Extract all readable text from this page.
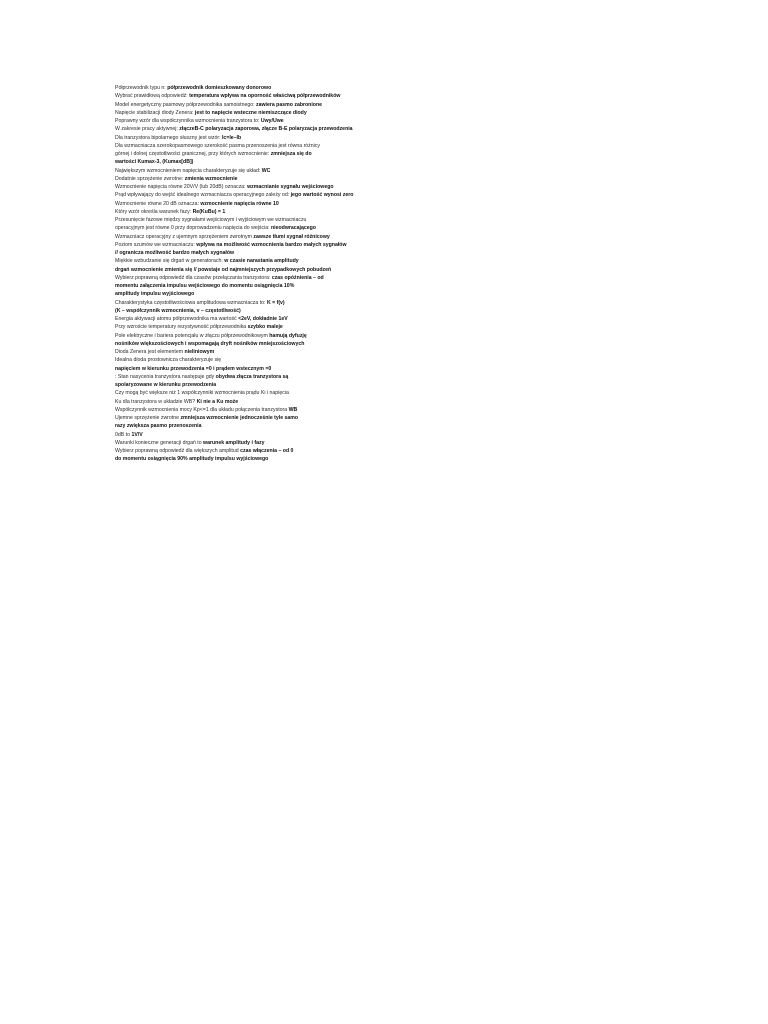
Półprzewodnik typu n: półprzewodnik domieszkowany donorowo
Wybrać prawidłową odpowiedź: temperatura wpływa na oporność właściwą półprzewodników
Model energetyczny pasmowy półprzewodnika samoistnego: zawiera pasmo zabronione
Napięcie stabilizacji diody Zenera: jest to napięcie wsteczne niemiszczące diody
Poprawny wzór dla współczynnika wzmocnienia tranzystora to: Uwy/Uwe
W zakresie pracy aktywnej: złączeB-C polaryzacja zaporowa, złącze B-E polaryzacja przewodzenia
Dla tranzystora bipolarnego słuszny jest wzór: Ic=Ie–Ib
Dla wzmacniacza szerokopasmowego szerokość pasma przenoszenia jest równa różnicy
górnej i dolnej częstotliwości granicznej, przy których wzmocnienie: zmniejsza się do
wartości Kumax-3, (Kumax[dB])
Największym wzmocnieniem napięcia charakteryzuje się układ: WC
Dodatnie sprzężenie zwrotne: zmienia wzmocnienie
Wzmocnienie napięcia równe 20V/V (lub 20dB) oznacza: wzmacnianie sygnału wejściowego
Prąd wpływający do wejść idealnego wzmacniacza operacyjnego zależy od: jego wartość wynosi zero
Wzmocnienie równe 20 dB oznacza: wzmocnienie napięcia równe 10
Który wzór określa warunek fazy: Re(KuBu) = 1
Przesunięcie fazowe między sygnałami wejściowym i wyjściowym we wzmacniaczu
operacyjnym jest równe 0 przy doprowadzeniu napięcia do wejścia: nieodwracającego
Wzmacniacz operacyjny z ujemnym sprzężeniem zwrotnym zawsze tłumi sygnał różnicowy
Poziom szumów we wzmacniaczu: wpływa na możliwość wzmocnienia bardzo małych sygnałów
// ogranicza możliwość bardzo małych sygnałów
Miękkie wzbudzanie się drgań w generatorach: w czasie narastania amplitudy
drgań wzmocnienie zmienia się // powstaje od najmniejszych przypadkowych pobudzeń
Wybierz poprawną odpowiedź dla czasów przełączania tranzystora: czas opóźnienia – od
momentu załączenia impulsu wejściowego do momentu osiągnięcia 10%
amplitudy impulsu wyjściowego
Charakterystyka częstotliwościowa amplitudowa wzmacniacza to: K = f(v)
(K – współczynnik wzmocnienia, v – częstotliwość)
Energia aktywacji atomu półprzewodnika ma wartość <2eV, dokładnie 1eV
Przy wzroście temperatury rezystywność półprzewodnika szybko maleje
Pole elektryczne i bariera potencjału w złączu półprzewodnikowym hamują dyfuzję
nośników większościowych i wspomagają dryft nośników mniejszościowych
Dioda Zenera jest elementem nieliniowym
Idealna dioda prostownicza charakteryzuje się
napięciem w kierunku przewodzenia =0 i prądem wstecznym =0
: Stan nasycenia tranzystora następuje gdy obydwa złącza tranzystora są
spolaryzowane w kierunku przewodzenia
Czy mogą być większe niż 1 współczynniki wzmocnienia prądu Ki i napięcia
Ku dla tranzystora w układzie WB? Ki nie a Ku może
Współczynnik wzmocnienia mocy Kp<=1 dla układu połączenia tranzystora WB
Ujemne sprzężenie zwrotne zmniejsza wzmocnienie jednocześnie tyle samo
razy zwiększa pasmo przenoszenia
0dB to 1V/V
Warunki konieczne generacji drgań to warunek amplitudy i fazy
Wybierz poprawną odpowiedź dla większych amplitud czas włączenia – od 0
do momentu osiągnięcia 90% amplitudy impulsu wyjściowego
